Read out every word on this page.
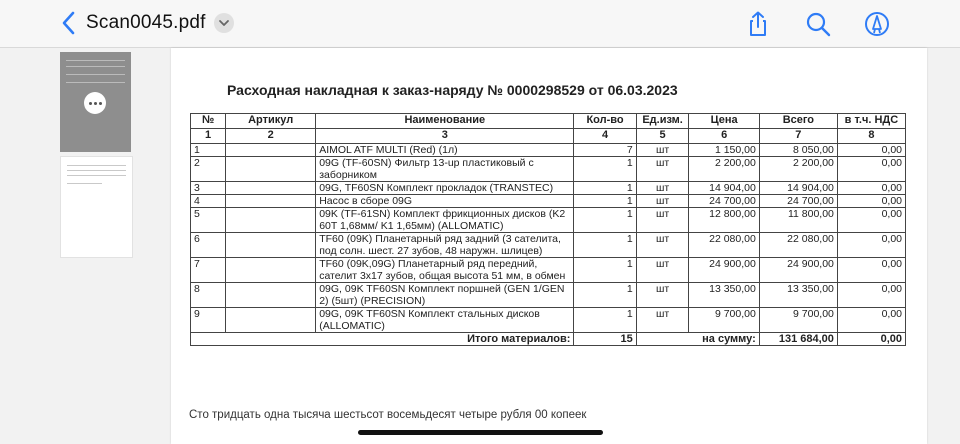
Scan0045.pdf
Расходная накладная к заказ-наряду № 0000298529 от 06.03.2023
№	Артикул	Наименование	Кол-во	Ед.изм.	Цена	Всего	в т.ч. НДС
1	2	3	4	5	6	7	8
1		AIMOL ATF MULTI (Red) (1л)	7	шт	1 150,00	8 050,00	0,00
2		09G (TF-60SN) Фильтр 13-up пластиковый с заборником	1	шт	2 200,00	2 200,00	0,00
3		09G, TF60SN Комплект прокладок (TRANSTEC)	1	шт	14 904,00	14 904,00	0,00
4		Насос в сборе 09G	1	шт	24 700,00	24 700,00	0,00
5		09K (TF-61SN) Комплект фрикционных дисков (K2 60T 1,68мм/ K1 1,65мм) (ALLOMATIC)	1	шт	12 800,00	11 800,00	0,00
6		TF60 (09K) Планетарный ряд задний (3 сателита, под солн. шест. 27 зубов, 48 наружн. шлицев)	1	шт	22 080,00	22 080,00	0,00
7		TF60 (09K,09G) Планетарный ряд передний, сателит 3x17 зубов, общая высота 51 мм, в обмен	1	шт	24 900,00	24 900,00	0,00
8		09G, 09K TF60SN Комплект поршней (GEN 1/GEN 2) (5шт) (PRECISION)	1	шт	13 350,00	13 350,00	0,00
9		09G, 09K TF60SN Комплект стальных дисков (ALLOMATIC)	1	шт	9 700,00	9 700,00	0,00
Итого материалов:			15	на сумму:		131 684,00	0,00
Сто тридцать одна тысяча шестьсот восемьдесят четыре рубля 00 копеек
